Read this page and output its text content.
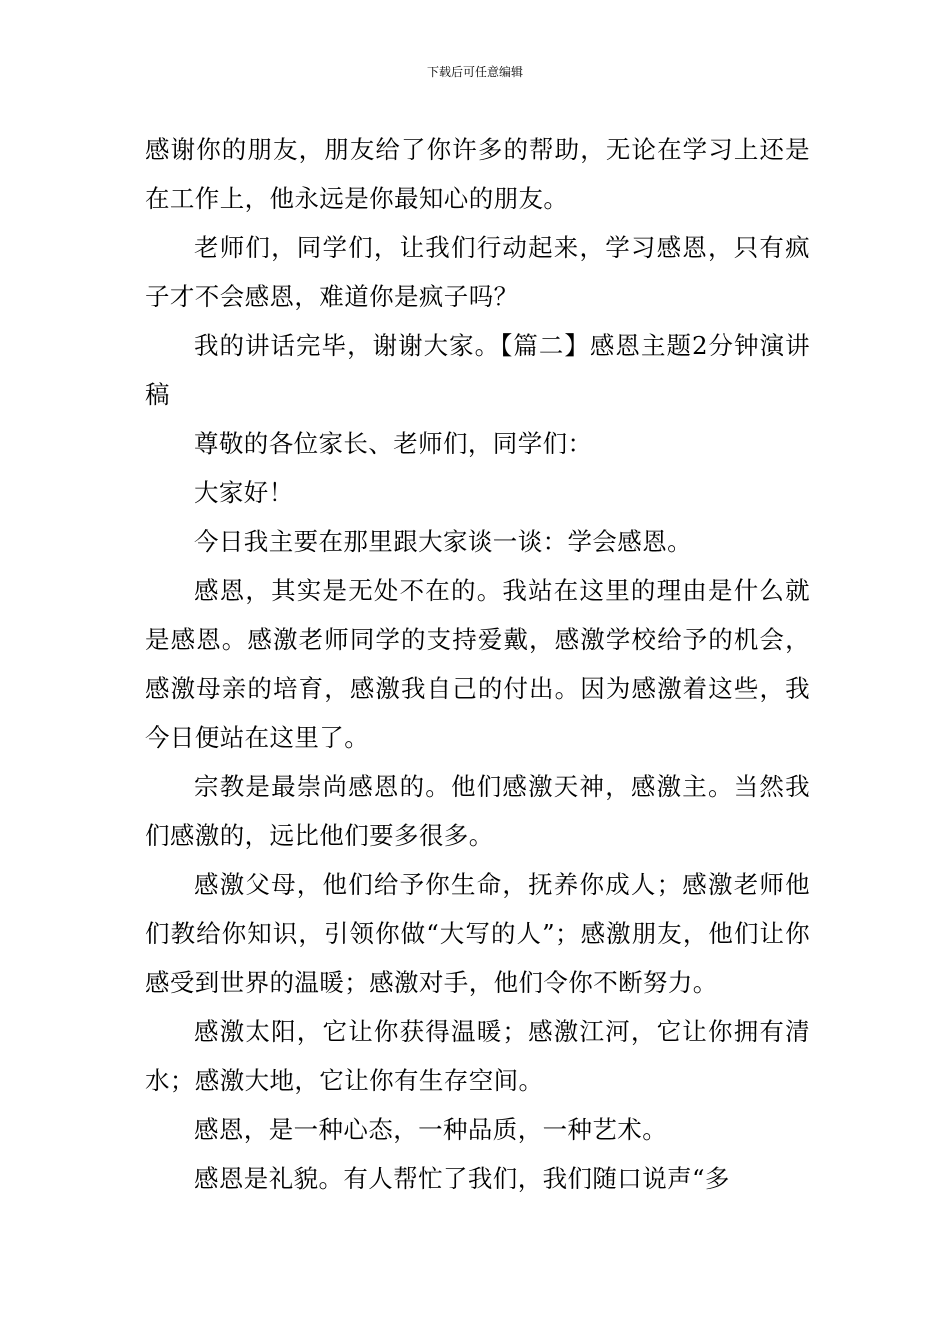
下载后可任意编辑

感谢你的朋友，朋友给了你许多的帮助，无论在学习上还是在工作上，他永远是你最知心的朋友。

老师们，同学们，让我们行动起来，学习感恩，只有疯子才不会感恩，难道你是疯子吗？

我的讲话完毕，谢谢大家。【篇二】感恩主题2分钟演讲稿

尊敬的各位家长、老师们，同学们：

大家好！

今日我主要在那里跟大家谈一谈：学会感恩。

感恩，其实是无处不在的。我站在这里的理由是什么就是感恩。感激老师同学的支持爱戴，感激学校给予的机会，感激母亲的培育，感激我自己的付出。因为感激着这些，我今日便站在这里了。

宗教是最崇尚感恩的。他们感激天神，感激主。当然我们感激的，远比他们要多很多。

感激父母，他们给予你生命，抚养你成人；感激老师他们教给你知识，引领你做“大写的人”；感激朋友，他们让你感受到世界的温暖；感激对手，他们令你不断努力。

感激太阳，它让你获得温暖；感激江河，它让你拥有清水；感激大地，它让你有生存空间。

感恩，是一种心态，一种品质，一种艺术。

感恩是礼貌。有人帮忙了我们，我们随口说声“多
